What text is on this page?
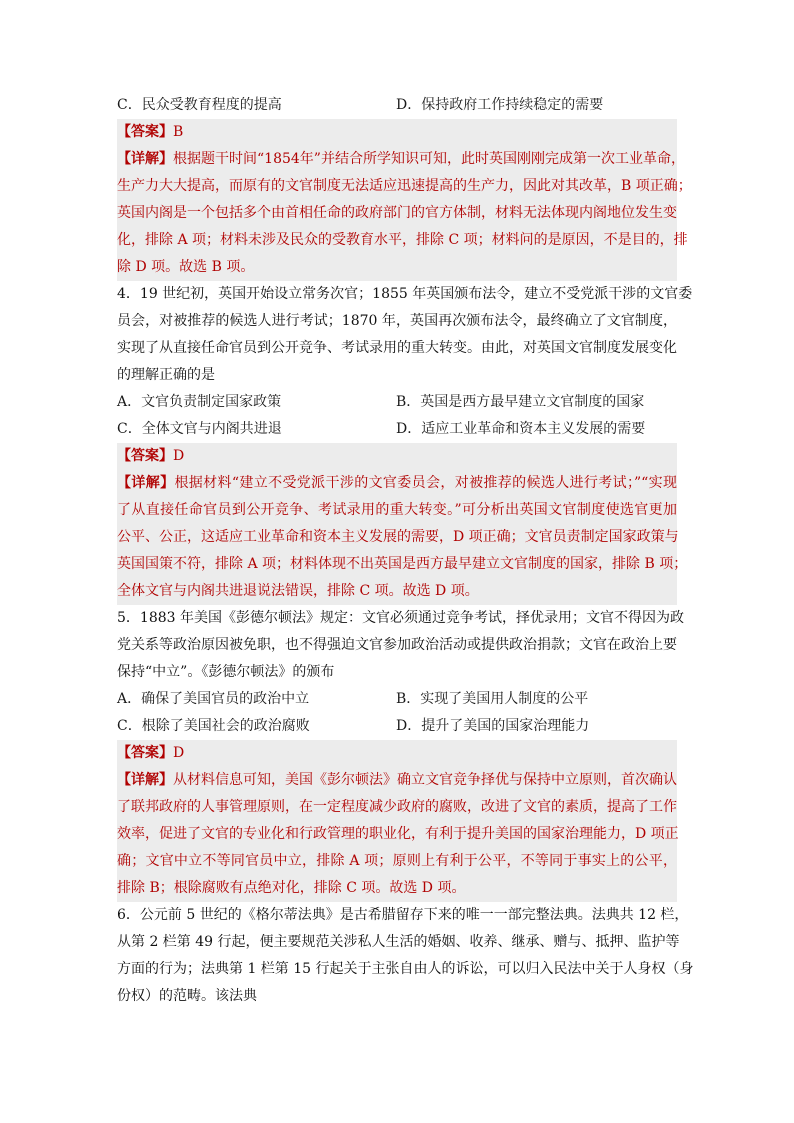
C．民众受教育程度的提高	D．保持政府工作持续稳定的需要
【答案】B
【详解】根据题干时间“1854年”并结合所学知识可知，此时英国刚刚完成第一次工业革命，
生产力大大提高，而原有的文官制度无法适应迅速提高的生产力，因此对其改革，B 项正确；
英国内阁是一个包括多个由首相任命的政府部门的官方体制，材料无法体现内阁地位发生变
化，排除 A 项；材料未涉及民众的受教育水平，排除 C 项；材料问的是原因，不是目的，排
除 D 项。故选 B 项。
4．19 世纪初，英国开始设立常务次官；1855 年英国颁布法令，建立不受党派干涉的文官委
员会，对被推荐的候选人进行考试；1870 年，英国再次颁布法令，最终确立了文官制度，
实现了从直接任命官员到公开竞争、考试录用的重大转变。由此，对英国文官制度发展变化
的理解正确的是
A．文官负责制定国家政策	B．英国是西方最早建立文官制度的国家
C．全体文官与内阁共进退	D．适应工业革命和资本主义发展的需要
【答案】D
【详解】根据材料“建立不受党派干涉的文官委员会，对被推荐的候选人进行考试；”“实现
了从直接任命官员到公开竞争、考试录用的重大转变。”可分析出英国文官制度使选官更加
公平、公正，这适应工业革命和资本主义发展的需要，D 项正确；文官员责制定国家政策与
英国国策不符，排除 A 项；材料体现不出英国是西方最早建立文官制度的国家，排除 B 项；
全体文官与内阁共进退说法错误，排除 C 项。故选 D 项。
5．1883 年美国《彭德尔顿法》规定：文官必须通过竞争考试，择优录用；文官不得因为政
党关系等政治原因被免职，也不得强迫文官参加政治活动或提供政治捐款；文官在政治上要
保持“中立”。《彭德尔顿法》的颁布
A．确保了美国官员的政治中立	B．实现了美国用人制度的公平
C．根除了美国社会的政治腐败	D．提升了美国的国家治理能力
【答案】D
【详解】从材料信息可知，美国《彭尔顿法》确立文官竞争择优与保持中立原则，首次确认
了联邦政府的人事管理原则，在一定程度减少政府的腐败，改进了文官的素质，提高了工作
效率，促进了文官的专业化和行政管理的职业化，有利于提升美国的国家治理能力，D 项正
确；文官中立不等同官员中立，排除 A 项；原则上有利于公平，不等同于事实上的公平，
排除 B；根除腐败有点绝对化，排除 C 项。故选 D 项。
6．公元前 5 世纪的《格尔蒂法典》是古希腊留存下来的唯一一部完整法典。法典共 12 栏，
从第 2 栏第 49 行起，便主要规范关涉私人生活的婚姻、收养、继承、赠与、抵押、监护等
方面的行为；法典第 1 栏第 15 行起关于主张自由人的诉讼，可以归入民法中关于人身权（身
份权）的范畴。该法典
